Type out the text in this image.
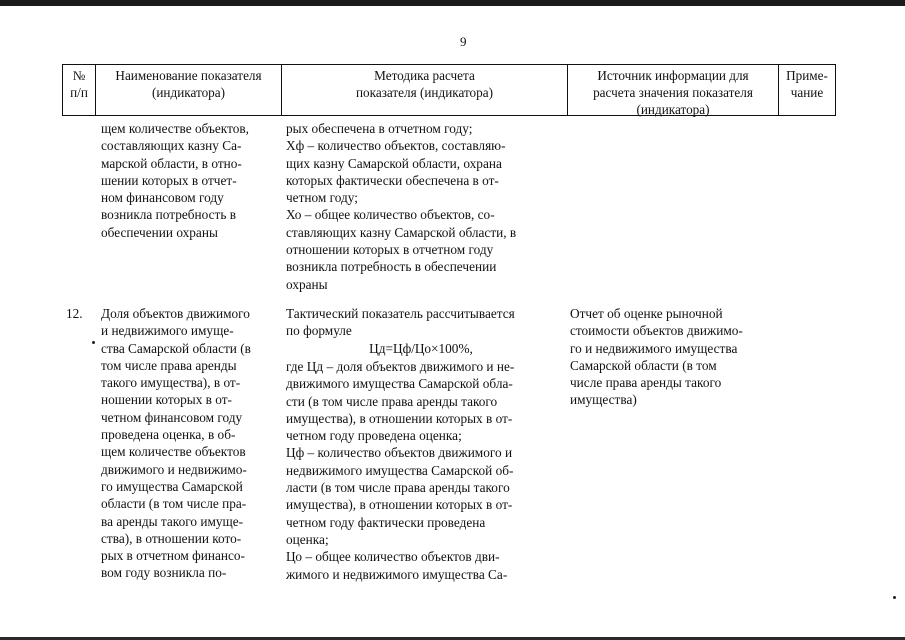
9
№
п/п
Наименование показателя
(индикатора)
Методика расчета
показателя (индикатора)
Источник информации для
расчета значения показателя
(индикатора)
Приме-
чание
щем количестве объектов,
составляющих казну Са-
марской области, в отно-
шении которых в отчет-
ном финансовом году
возникла потребность в
обеспечении охраны
рых обеспечена в отчетном году;
Хф – количество объектов, составляю-
щих казну Самарской области, охрана
которых фактически обеспечена в от-
четном году;
Хо – общее количество объектов, со-
ставляющих казну Самарской области, в
отношении которых в отчетном году
возникла потребность в обеспечении
охраны
12.	Доля объектов движимого
и недвижимого имуще-
ства Самарской области (в
том числе права аренды
такого имущества), в от-
ношении которых в от-
четном финансовом году
проведена оценка, в об-
щем количестве объектов
движимого и недвижимо-
го имущества Самарской
области (в том числе пра-
ва аренды такого имуще-
ства), в отношении кото-
рых в отчетном финансо-
вом году возникла по-
Тактический показатель рассчитывается
по формуле
Цд=Цф/Цо×100%,
где Цд – доля объектов движимого и не-
движимого имущества Самарской обла-
сти (в том числе права аренды такого
имущества), в отношении которых в от-
четном году проведена оценка;
Цф – количество объектов движимого и
недвижимого имущества Самарской об-
ласти (в том числе права аренды такого
имущества), в отношении которых в от-
четном году фактически проведена
оценка;
Цо – общее количество объектов дви-
жимого и недвижимого имущества Са-
Отчет об оценке рыночной
стоимости объектов движимо-
го и недвижимого имущества
Самарской области (в том
числе права аренды такого
имущества)
